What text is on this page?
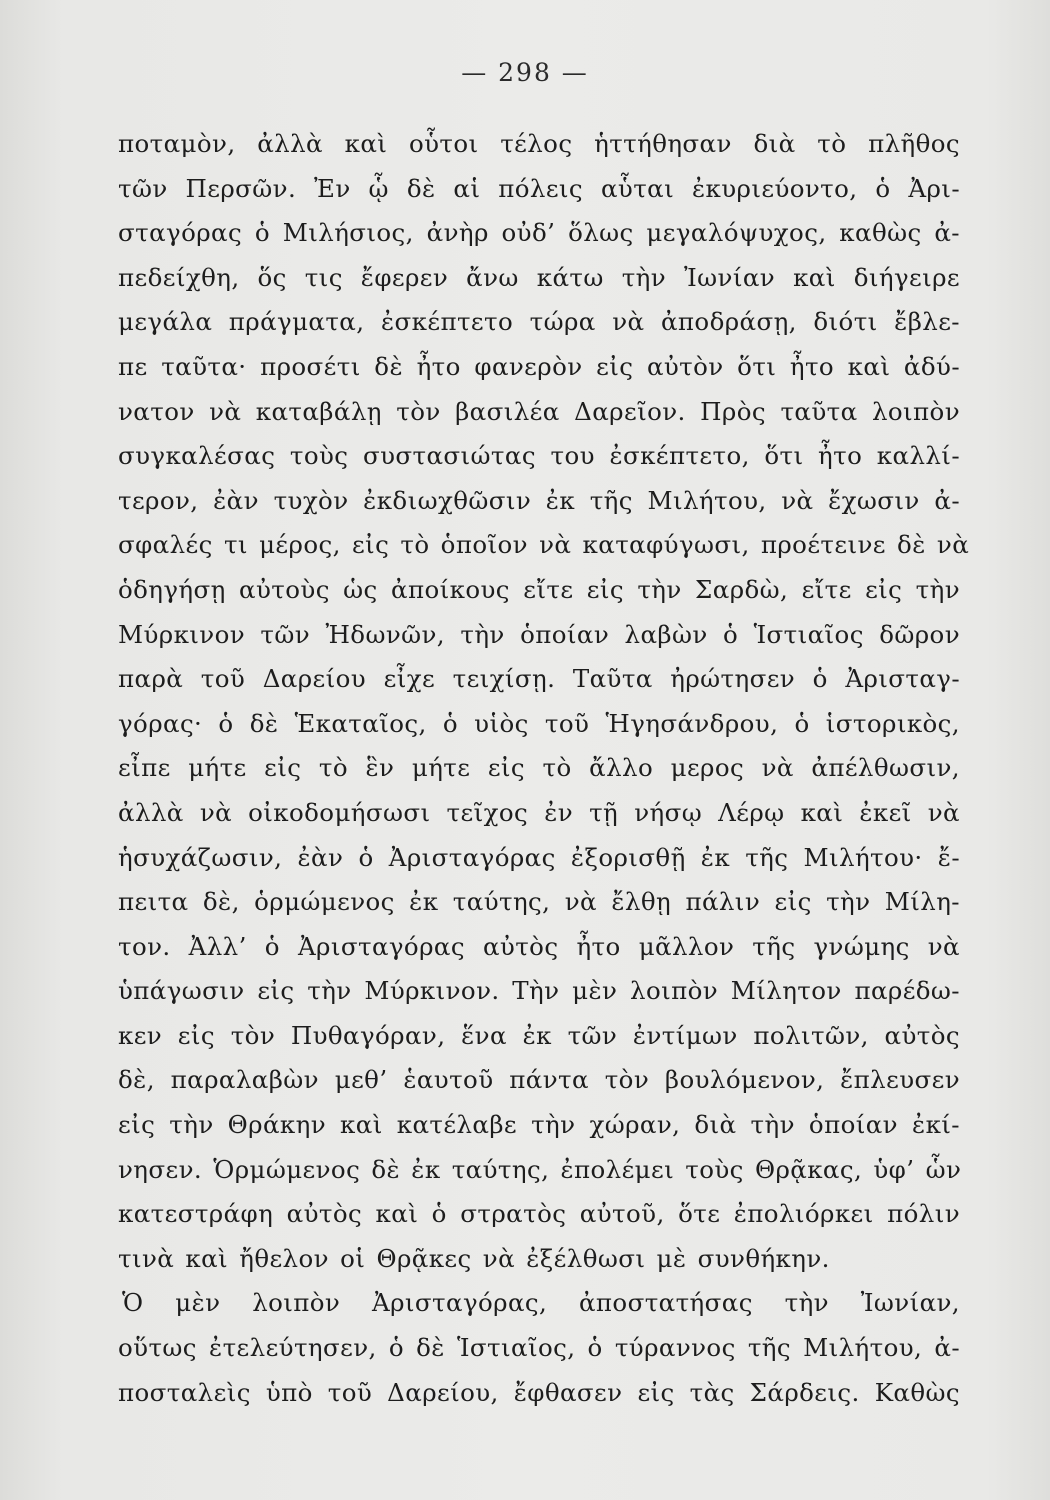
— 298 —
ποταμὸν, ἀλλὰ καὶ οὗτοι τέλος ἡττήθησαν διὰ τὸ πλῆθος
τῶν Περσῶν. Ἐν ᾧ δὲ αἱ πόλεις αὗται ἐκυριεύοντο, ὁ Ἀρι-
σταγόρας ὁ Μιλήσιος, ἀνὴρ οὐδ’ ὅλως μεγαλόψυχος, καθὼς ἀ-
πεδείχθη, ὅς τις ἔφερεν ἄνω κάτω τὴν Ἰωνίαν καὶ διήγειρε
μεγάλα πράγματα, ἐσκέπτετο τώρα νὰ ἀποδράσῃ, διότι ἔβλε-
πε ταῦτα· προσέτι δὲ ἦτο φανερὸν εἰς αὐτὸν ὅτι ἦτο καὶ ἀδύ-
νατον νὰ καταβάλῃ τὸν βασιλέα Δαρεῖον. Πρὸς ταῦτα λοιπὸν
συγκαλέσας τοὺς συστασιώτας του ἐσκέπτετο, ὅτι ἦτο καλλί-
τερον, ἐὰν τυχὸν ἐκδιωχθῶσιν ἐκ τῆς Μιλήτου, νὰ ἔχωσιν ἀ-
σφαλές τι μέρος, εἰς τὸ ὁποῖον νὰ καταφύγωσι, προέτεινε δὲ νὰ
ὁδηγήσῃ αὐτοὺς ὡς ἀποίκους εἴτε εἰς τὴν Σαρδὼ, εἴτε εἰς τὴν
Μύρκινον τῶν Ἠδωνῶν, τὴν ὁποίαν λαβὼν ὁ Ἱστιαῖος δῶρον
παρὰ τοῦ Δαρείου εἶχε τειχίσῃ. Ταῦτα ἠρώτησεν ὁ Ἀρισταγ-
γόρας· ὁ δὲ Ἑκαταῖος, ὁ υἱὸς τοῦ Ἡγησάνδρου, ὁ ἱστορικὸς,
εἶπε μήτε εἰς τὸ ἓν μήτε εἰς τὸ ἄλλο μερος νὰ ἀπέλθωσιν,
ἀλλὰ νὰ οἰκοδομήσωσι τεῖχος ἐν τῇ νήσῳ Λέρῳ καὶ ἐκεῖ νὰ
ἡσυχάζωσιν, ἐὰν ὁ Ἀρισταγόρας ἐξορισθῇ ἐκ τῆς Μιλήτου· ἔ-
πειτα δὲ, ὁρμώμενος ἐκ ταύτης, νὰ ἔλθῃ πάλιν εἰς τὴν Μίλη-
τον. Ἀλλ’ ὁ Ἀρισταγόρας αὐτὸς ἦτο μᾶλλον τῆς γνώμης νὰ
ὑπάγωσιν εἰς τὴν Μύρκινον. Τὴν μὲν λοιπὸν Μίλητον παρέδω-
κεν εἰς τὸν Πυθαγόραν, ἕνα ἐκ τῶν ἐντίμων πολιτῶν, αὐτὸς
δὲ, παραλαβὼν μεθ’ ἑαυτοῦ πάντα τὸν βουλόμενον, ἔπλευσεν
εἰς τὴν Θράκην καὶ κατέλαβε τὴν χώραν, διὰ τὴν ὁποίαν ἐκί-
νησεν. Ὁρμώμενος δὲ ἐκ ταύτης, ἐπολέμει τοὺς Θρᾷκας, ὑφ’ ὧν
κατεστράφη αὐτὸς καὶ ὁ στρατὸς αὐτοῦ, ὅτε ἐπολιόρκει πόλιν
τινὰ καὶ ἤθελον οἱ Θρᾷκες νὰ ἐξέλθωσι μὲ συνθήκην.
Ὁ μὲν λοιπὸν Ἀρισταγόρας, ἀποστατήσας τὴν Ἰωνίαν,
οὕτως ἐτελεύτησεν, ὁ δὲ Ἱστιαῖος, ὁ τύραννος τῆς Μιλήτου, ἀ-
ποσταλεὶς ὑπὸ τοῦ Δαρείου, ἔφθασεν εἰς τὰς Σάρδεις. Καθὼς
